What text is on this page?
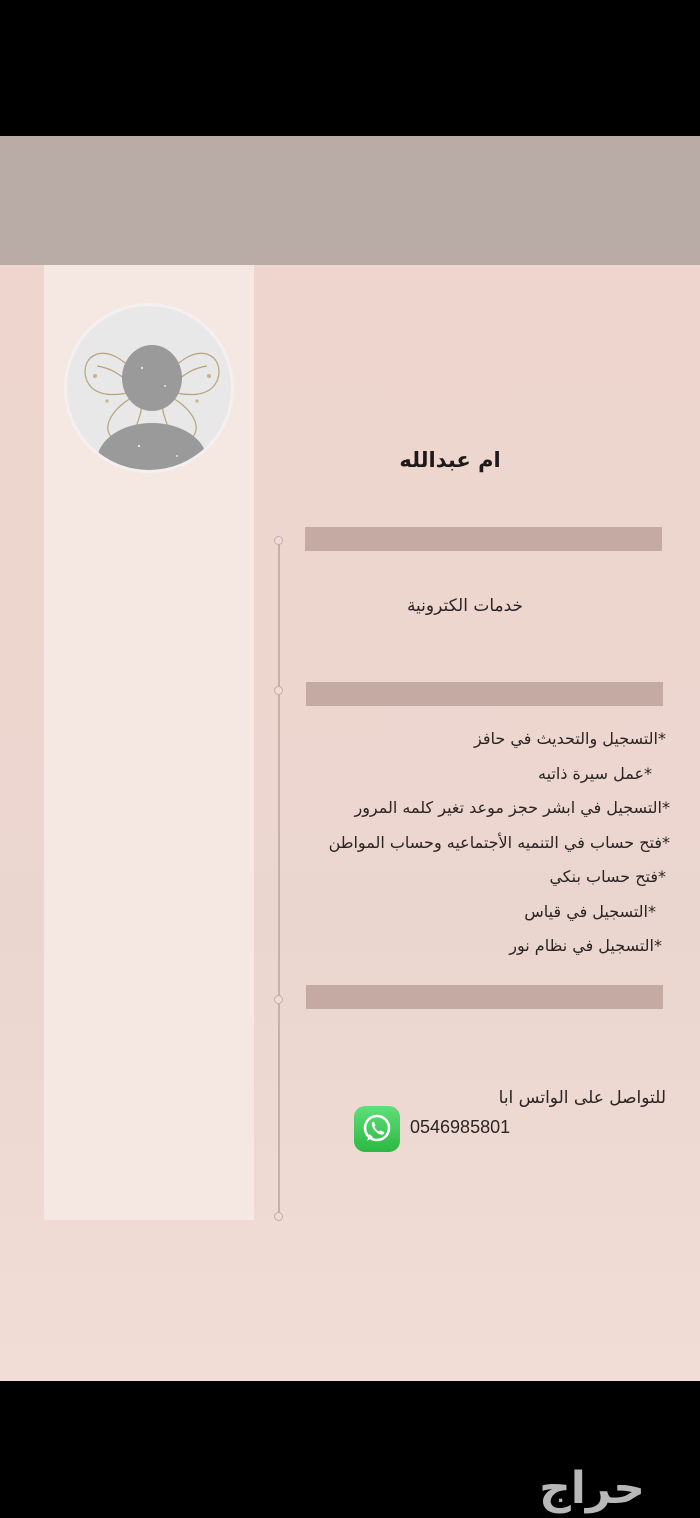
ام عبدالله
خدمات الكترونية
*التسجيل والتحديث في حافز
*عمل سيرة ذاتيه
*التسجيل في ابشر حجز موعد تغير كلمه المرور
*فتح حساب في التنميه الأجتماعيه وحساب المواطن
*فتح حساب بنكي
*التسجيل في قياس
*التسجيل في نظام نور
للتواصل على الواتس ابا
0546985801
حراج
